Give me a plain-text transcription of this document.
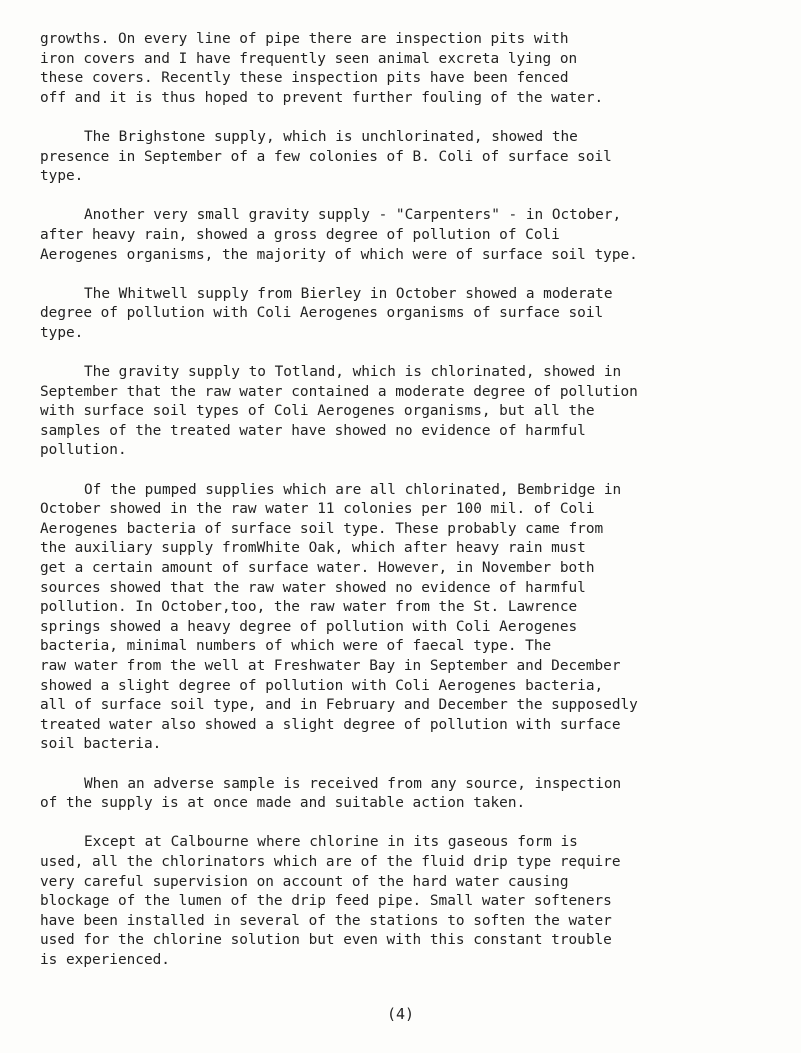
growths. On every line of pipe there are inspection pits with
iron covers and I have frequently seen animal excreta lying on
these covers. Recently these inspection pits have been fenced
off and it is thus hoped to prevent further fouling of the water.
The Brighstone supply, which is unchlorinated, showed the
presence in September of a few colonies of B. Coli of surface soil
type.
Another very small gravity supply - "Carpenters" - in October,
after heavy rain, showed a gross degree of pollution of Coli
Aerogenes organisms, the majority of which were of surface soil type.
The Whitwell supply from Bierley in October showed a moderate
degree of pollution with Coli Aerogenes organisms of surface soil
type.
The gravity supply to Totland, which is chlorinated, showed in
September that the raw water contained a moderate degree of pollution
with surface soil types of Coli Aerogenes organisms, but all the
samples of the treated water have showed no evidence of harmful
pollution.
Of the pumped supplies which are all chlorinated, Bembridge in
October showed in the raw water 11 colonies per 100 mil. of Coli
Aerogenes bacteria of surface soil type. These probably came from
the auxiliary supply fromWhite Oak, which after heavy rain must
get a certain amount of surface water. However, in November both
sources showed that the raw water showed no evidence of harmful
pollution. In October,too, the raw water from the St. Lawrence
springs showed a heavy degree of pollution with Coli Aerogenes
bacteria, minimal numbers of which were of faecal type. The
raw water from the well at Freshwater Bay in September and December
showed a slight degree of pollution with Coli Aerogenes bacteria,
all of surface soil type, and in February and December the supposedly
treated water also showed a slight degree of pollution with surface
soil bacteria.
When an adverse sample is received from any source, inspection
of the supply is at once made and suitable action taken.
Except at Calbourne where chlorine in its gaseous form is
used, all the chlorinators which are of the fluid drip type require
very careful supervision on account of the hard water causing
blockage of the lumen of the drip feed pipe. Small water softeners
have been installed in several of the stations to soften the water
used for the chlorine solution but even with this constant trouble
is experienced.
(4)
